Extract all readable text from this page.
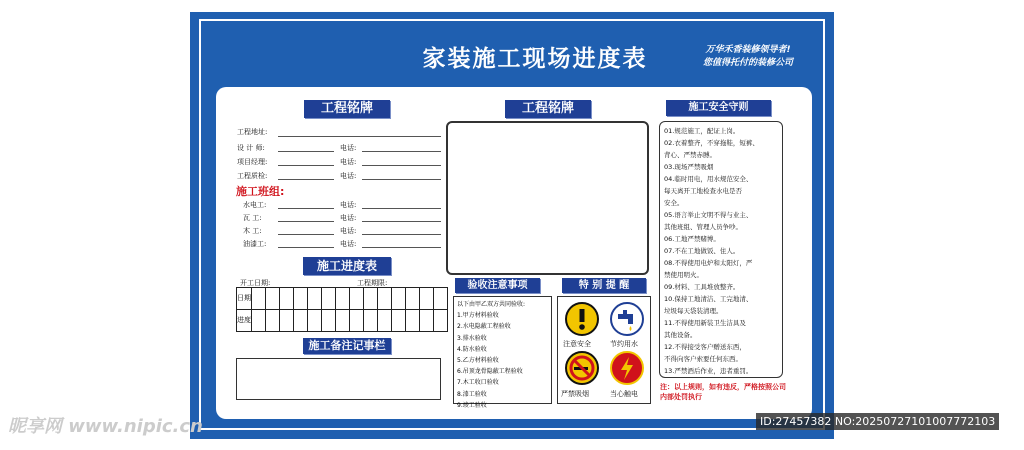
家装施工现场进度表	万华禾香装修领导者!
您值得托付的装修公司
工程铭牌
工程地址:
设 计 师:	电话:
项目经理:	电话:
工程质检:	电话:
施工班组:
水电工:	电话:
瓦 工:	电话:
木 工:	电话:
油漆工:	电话:
施工进度表
开工日期:	工程期限:
日期														
进度														
施工备注记事栏
工程铭牌
验收注意事项
以下由甲乙双方共同验收:
1.甲方材料验收
2.水电隐蔽工程验收
3.排水验收
4.防水验收
5.乙方材料验收
6.吊顶龙骨隐蔽工程验收
7.木工收口验收
8.漆工验收
9.竣工验收
特 别 提 醒
注意安全	节约用水
严禁吸烟	当心触电
施工安全守则
01.规范施工，配证上岗。
02.衣着整齐，不穿拖鞋，短裤、
背心、严禁赤膊。
03.现场严禁吸烟
04.临时用电，用水规范安全、
每天离开工地检查水电是否
安全。
05.语言举止文明不得与业主、
其他班组、管理人员争吵。
06.工地严禁赌博。
07.不在工地做饭、住人。
08.不得使用电炉和太阳灯，严
禁使用明火。
09.材料、工具堆放整齐。
10.保持工地清洁、工完地清、
垃圾每天袋装清理。
11.不得使用新装卫生洁具及
其他设备。
12.不得接受客户赠送东西，
不得向客户索要任何东西。
13.严禁酒后作业，违者重罚。
注：以上规则，如有违反，严格按照公司内部处罚执行
昵享网 www.nipic.cn	ID:27457382 NO:20250727101007772103
